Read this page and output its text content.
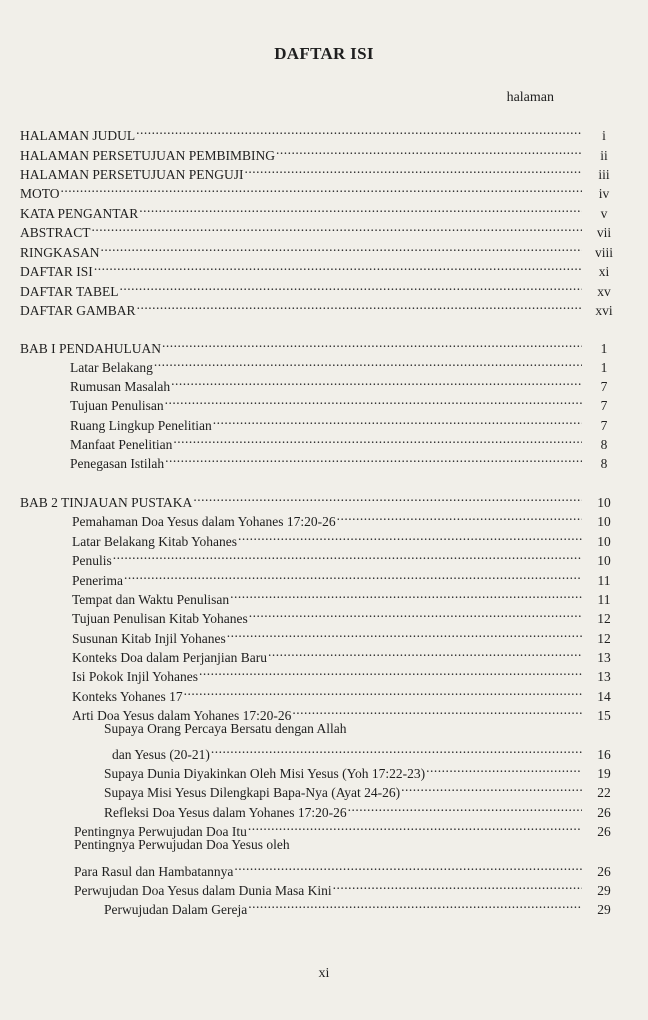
DAFTAR ISI
halaman
HALAMAN JUDUL .....	i
HALAMAN PERSETUJUAN PEMBIMBING .....	ii
HALAMAN PERSETUJUAN PENGUJI .....	iii
MOTO .....	iv
KATA PENGANTAR .....	v
ABSTRACT .....	vii
RINGKASAN .....	viii
DAFTAR ISI .....	xi
DAFTAR TABEL .....	xv
DAFTAR GAMBAR .....	xvi
BAB I PENDAHULUAN .....	1
Latar Belakang .....	1
Rumusan Masalah .....	7
Tujuan Penulisan .....	7
Ruang Lingkup Penelitian .....	7
Manfaat Penelitian .....	8
Penegasan Istilah .....	8
BAB 2 TINJAUAN PUSTAKA .....	10
Pemahaman Doa Yesus dalam Yohanes 17:20-26 .....	10
Latar Belakang Kitab Yohanes .....	10
Penulis .....	10
Penerima .....	11
Tempat dan Waktu Penulisan .....	11
Tujuan Penulisan Kitab Yohanes .....	12
Susunan Kitab Injil Yohanes .....	12
Konteks Doa dalam Perjanjian Baru .....	13
Isi Pokok Injil Yohanes .....	13
Konteks Yohanes 17 .....	14
Arti Doa Yesus dalam Yohanes 17:20-26 .....	15
Supaya Orang Percaya Bersatu dengan Allah
dan Yesus (20-21) .....	16
Supaya Dunia Diyakinkan Oleh Misi Yesus (Yoh 17:22-23) .....	19
Supaya Misi Yesus Dilengkapi Bapa-Nya (Ayat 24-26) .....	22
Refleksi Doa Yesus dalam Yohanes 17:20-26 .....	26
Pentingnya Perwujudan Doa Itu .....	26
Pentingnya Perwujudan Doa Yesus oleh
Para Rasul dan Hambatannya .....	26
Perwujudan Doa Yesus dalam Dunia Masa Kini .....	29
Perwujudan Dalam Gereja .....	29
xi
